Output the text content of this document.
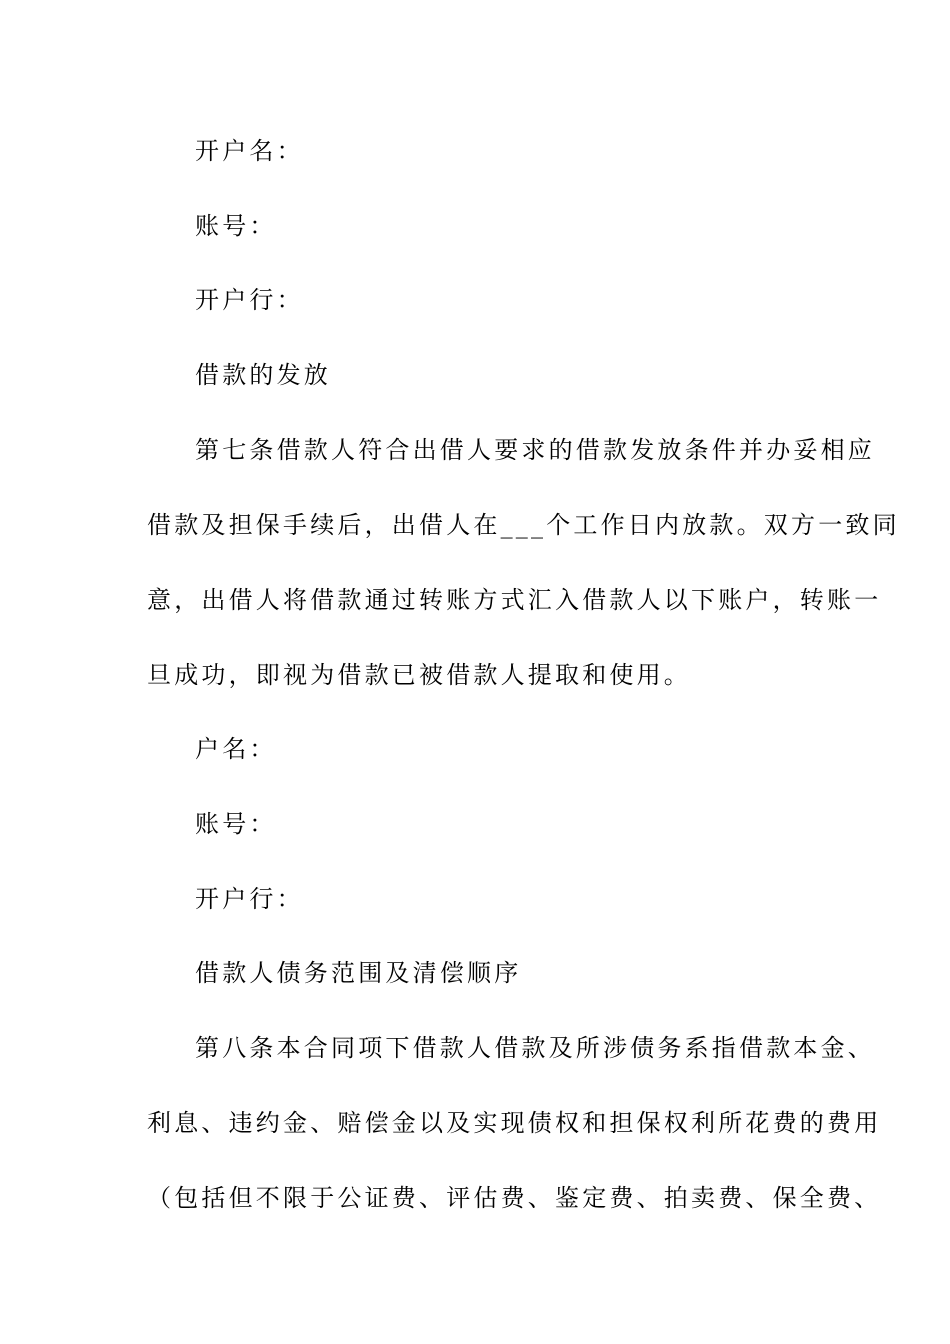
开户名：
账号：
开户行：
借款的发放
第七条借款人符合出借人要求的借款发放条件并办妥相应
借款及担保手续后，出借人在___个工作日内放款。双方一致同
意，出借人将借款通过转账方式汇入借款人以下账户，转账一
旦成功，即视为借款已被借款人提取和使用。
户名：
账号：
开户行：
借款人债务范围及清偿顺序
第八条本合同项下借款人借款及所涉债务系指借款本金、
利息、违约金、赔偿金以及实现债权和担保权利所花费的费用
（包括但不限于公证费、评估费、鉴定费、拍卖费、保全费、
